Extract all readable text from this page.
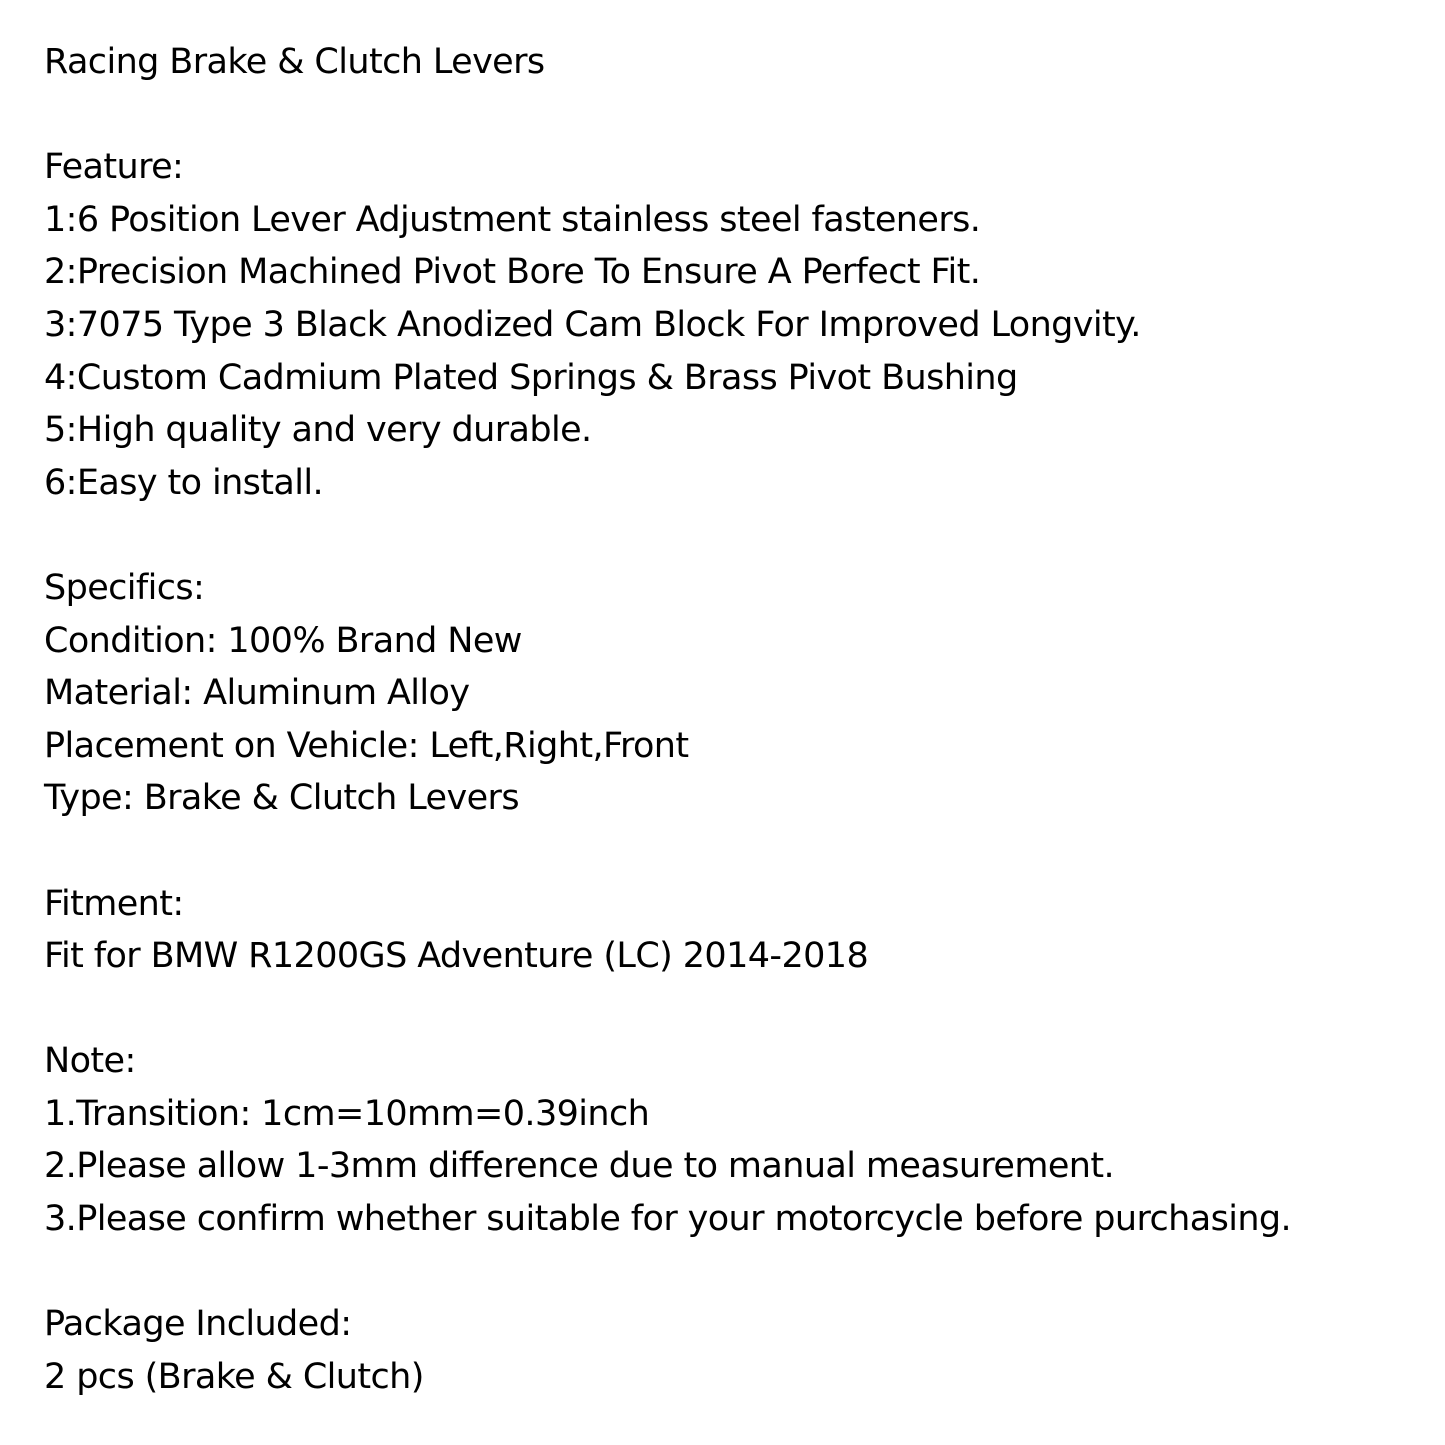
Racing Brake & Clutch Levers
Feature:
1:6 Position Lever Adjustment stainless steel fasteners.
2:Precision Machined Pivot Bore To Ensure A Perfect Fit.
3:7075 Type 3 Black Anodized Cam Block For Improved Longvity.
4:Custom Cadmium Plated Springs & Brass Pivot Bushing
5:High quality and very durable.
6:Easy to install.
Specifics:
Condition: 100% Brand New
Material: Aluminum Alloy
Placement on Vehicle: Left,Right,Front
Type: Brake & Clutch Levers
Fitment:
Fit for BMW R1200GS Adventure (LC) 2014-2018
Note:
1.Transition: 1cm=10mm=0.39inch
2.Please allow 1-3mm difference due to manual measurement.
3.Please confirm whether suitable for your motorcycle before purchasing.
Package Included:
2 pcs (Brake & Clutch)
